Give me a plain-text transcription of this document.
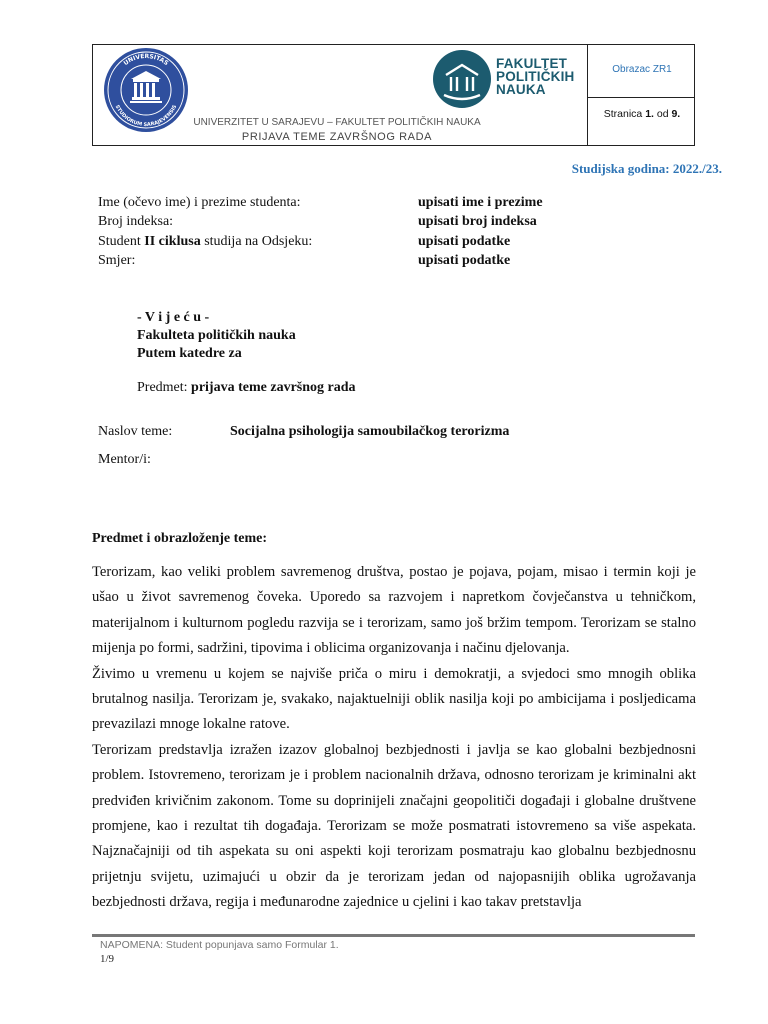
UNIVERSITAS
STUDIORUM SARAJEVENSIS
FAKULTET
POLITIČKIH
NAUKA
UNIVERZITET U SARAJEVU – FAKULTET POLITIČKIH NAUKA
PRIJAVA TEME ZAVRŠNOG RADA
Obrazac ZR1
Stranica 1. od 9.
Studijska godina: 2022./23.
Ime (očevo ime) i prezime studenta:	upisati ime i prezime
Broj indeksa:	upisati broj indeksa
Student II ciklusa studija na Odsjeku:	upisati podatke
Smjer:	upisati podatke
- V i j e ć u -
Fakulteta političkih nauka
Putem katedre za
Predmet: prijava teme završnog rada
Naslov teme:	Socijalna psihologija samoubilačkog terorizma
Mentor/i:
Predmet i obrazloženje teme:

Terorizam, kao veliki problem savremenog društva, postao je pojava, pojam, misao i termin koji je ušao u život savremenog čoveka. Uporedo sa razvojem i napretkom čovječanstva u tehničkom, materijalnom i kulturnom pogledu razvija se i terorizam, samo još bržim tempom. Terorizam se stalno mijenja po formi, sadržini, tipovima i oblicima organizovanja i načinu djelovanja.

Živimo u vremenu u kojem se najviše priča o miru i demokratji, a svjedoci smo mnogih oblika brutalnog nasilja. Terorizam je, svakako, najaktuelniji oblik nasilja koji po ambicijama i posljedicama prevazilazi mnoge lokalne ratove.

Terorizam predstavlja izražen izazov globalnoj bezbjednosti i javlja se kao globalni bezbjednosni problem. Istovremeno, terorizam je i problem nacionalnih država, odnosno terorizam je kriminalni akt predviđen krivičnim zakonom. Tome su doprinijeli značajni geopolitiči događaji i globalne društvene promjene, kao i rezultat tih događaja. Terorizam se može posmatrati istovremeno sa više aspekata. Najznačajniji od tih aspekata su oni aspekti koji terorizam posmatraju kao globalnu bezbjednosnu prijetnju svijetu, uzimajući u obzir da je terorizam jedan od najopasnijih oblika ugrožavanja bezbjednosti država, regija i međunarodne zajednice u cjelini i kao takav pretstavlja

NAPOMENA: Student popunjava samo Formular 1.
1/9
